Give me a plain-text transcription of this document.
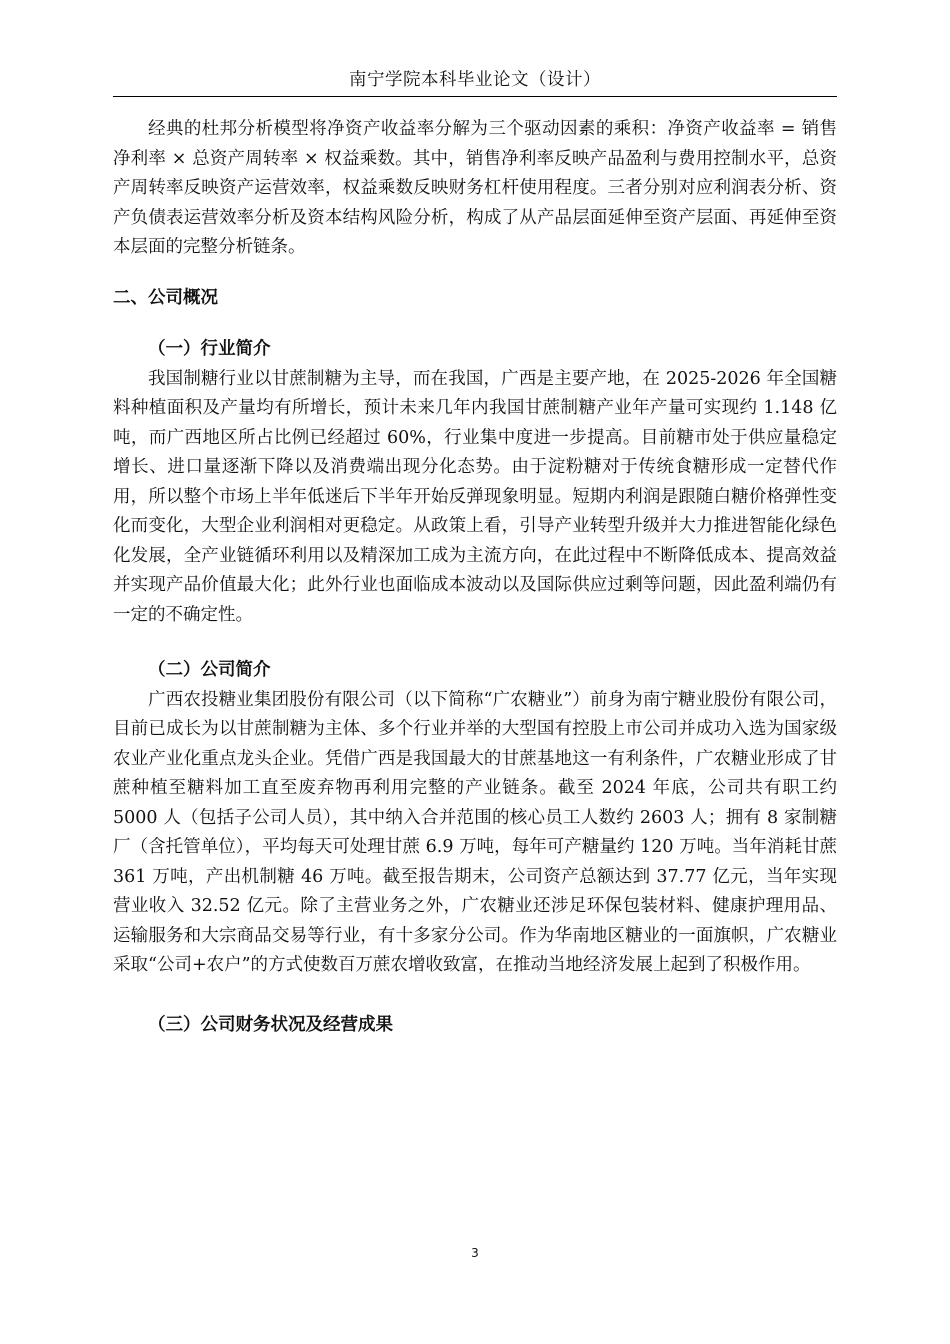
南宁学院本科毕业论文（设计）

经典的杜邦分析模型将净资产收益率分解为三个驱动因素的乘积：净资产收益率 = 销售净利率 × 总资产周转率 × 权益乘数。其中，销售净利率反映产品盈利与费用控制水平，总资产周转率反映资产运营效率，权益乘数反映财务杠杆使用程度。三者分别对应利润表分析、资产负债表运营效率分析及资本结构风险分析，构成了从产品层面延伸至资产层面、再延伸至资本层面的完整分析链条。

二、公司概况
（一）行业简介

我国制糖行业以甘蔗制糖为主导，而在我国，广西是主要产地，在 2025-2026 年全国糖料种植面积及产量均有所增长，预计未来几年内我国甘蔗制糖产业年产量可实现约 1.148 亿吨，而广西地区所占比例已经超过 60%，行业集中度进一步提高。目前糖市处于供应量稳定增长、进口量逐渐下降以及消费端出现分化态势。由于淀粉糖对于传统食糖形成一定替代作用，所以整个市场上半年低迷后下半年开始反弹现象明显。短期内利润是跟随白糖价格弹性变化而变化，大型企业利润相对更稳定。从政策上看，引导产业转型升级并大力推进智能化绿色化发展，全产业链循环利用以及精深加工成为主流方向，在此过程中不断降低成本、提高效益并实现产品价值最大化；此外行业也面临成本波动以及国际供应过剩等问题，因此盈利端仍有一定的不确定性。

（二）公司简介

广西农投糖业集团股份有限公司（以下简称“广农糖业”）前身为南宁糖业股份有限公司，目前已成长为以甘蔗制糖为主体、多个行业并举的大型国有控股上市公司并成功入选为国家级农业产业化重点龙头企业。凭借广西是我国最大的甘蔗基地这一有利条件，广农糖业形成了甘蔗种植至糖料加工直至废弃物再利用完整的产业链条。截至 2024 年底，公司共有职工约 5000 人（包括子公司人员），其中纳入合并范围的核心员工人数约 2603 人；拥有 8 家制糖厂（含托管单位），平均每天可处理甘蔗 6.9 万吨，每年可产糖量约 120 万吨。当年消耗甘蔗 361 万吨，产出机制糖 46 万吨。截至报告期末，公司资产总额达到 37.77 亿元，当年实现营业收入 32.52 亿元。除了主营业务之外，广农糖业还涉足环保包装材料、健康护理用品、运输服务和大宗商品交易等行业，有十多家分公司。作为华南地区糖业的一面旗帜，广农糖业采取“公司+农户”的方式使数百万蔗农增收致富，在推动当地经济发展上起到了积极作用。

（三）公司财务状况及经营成果
3
